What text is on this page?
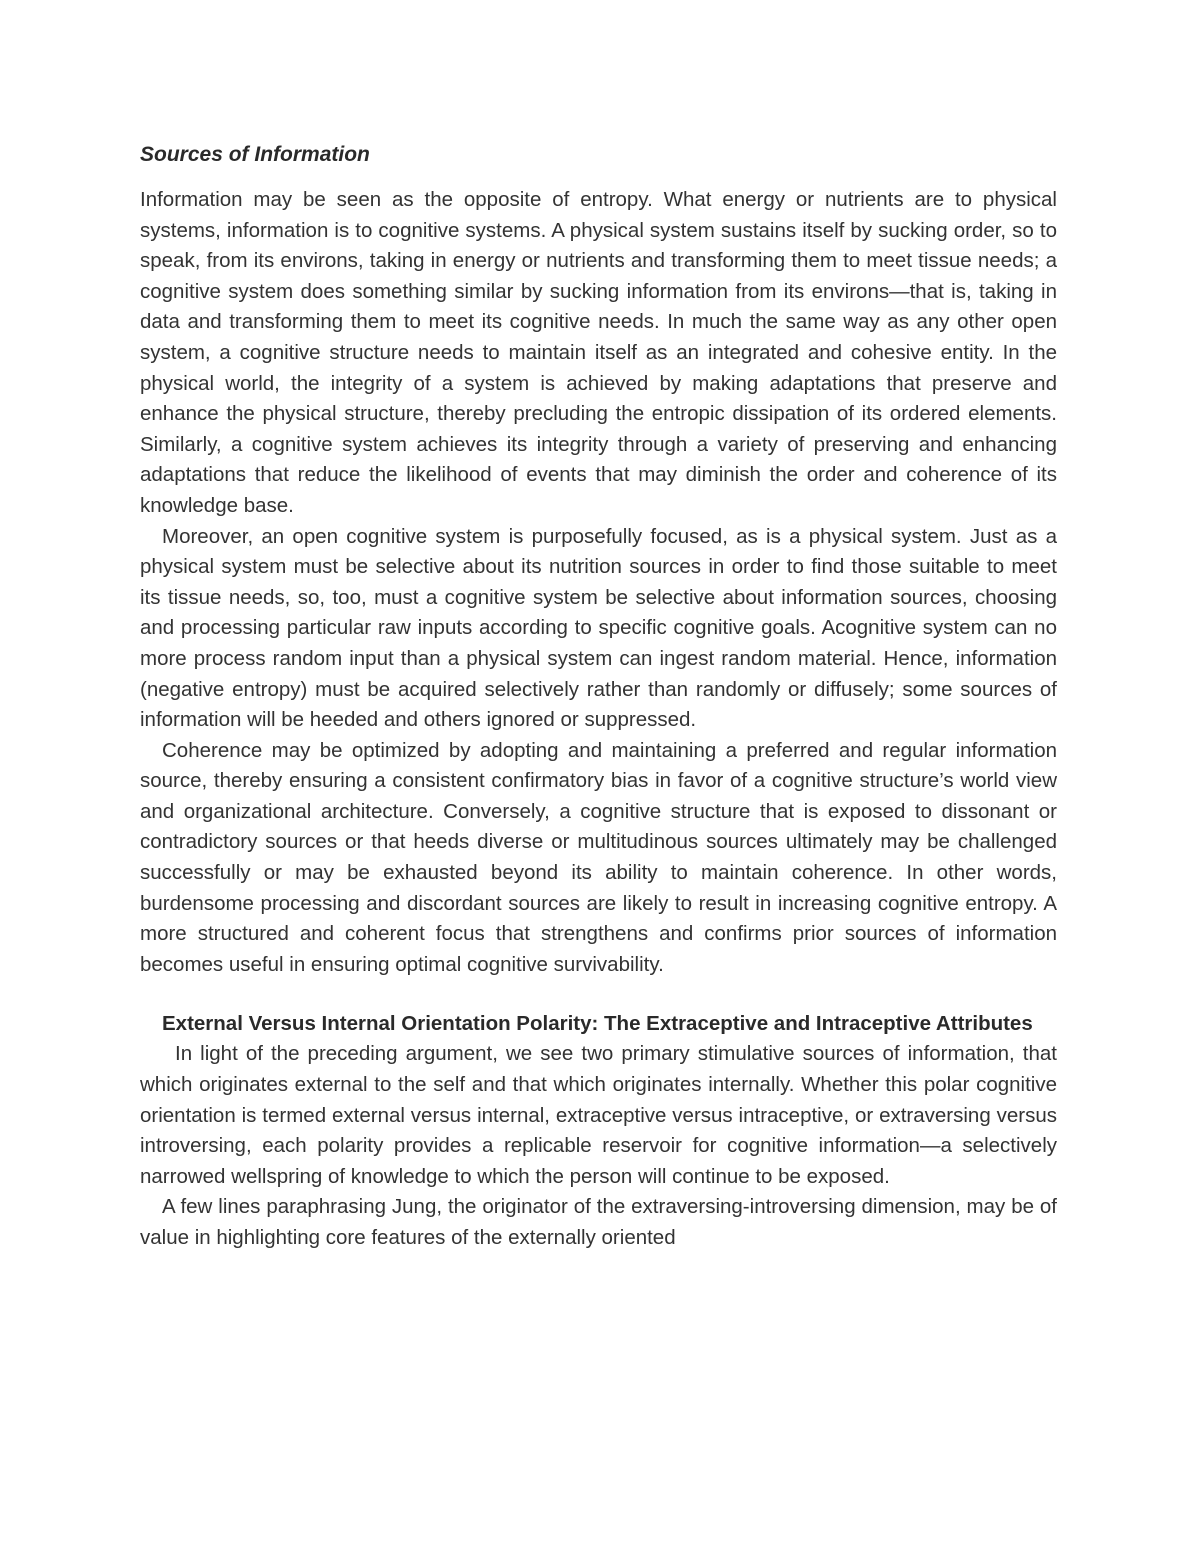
Sources of Information

Information may be seen as the opposite of entropy. What energy or nutrients are to physical systems, information is to cognitive systems. A physical system sustains itself by sucking order, so to speak, from its environs, taking in energy or nutrients and transforming them to meet tissue needs; a cognitive system does something similar by sucking information from its environs—that is, taking in data and transforming them to meet its cognitive needs. In much the same way as any other open system, a cognitive structure needs to maintain itself as an integrated and cohesive entity. In the physical world, the integrity of a system is achieved by making adaptations that preserve and enhance the physical structure, thereby precluding the entropic dissipation of its ordered elements. Similarly, a cognitive system achieves its integrity through a variety of preserving and enhancing adaptations that reduce the likelihood of events that may diminish the order and coherence of its knowledge base.

Moreover, an open cognitive system is purposefully focused, as is a physical system. Just as a physical system must be selective about its nutrition sources in order to find those suitable to meet its tissue needs, so, too, must a cognitive system be selective about information sources, choosing and processing particular raw inputs according to specific cognitive goals. Acognitive system can no more process random input than a physical system can ingest random material. Hence, information (negative entropy) must be acquired selectively rather than randomly or diffusely; some sources of information will be heeded and others ignored or suppressed.

Coherence may be optimized by adopting and maintaining a preferred and regular information source, thereby ensuring a consistent confirmatory bias in favor of a cognitive structure’s world view and organizational architecture. Conversely, a cognitive structure that is exposed to dissonant or contradictory sources or that heeds diverse or multitudinous sources ultimately may be challenged successfully or may be exhausted beyond its ability to maintain coherence. In other words, burdensome processing and discordant sources are likely to result in increasing cognitive entropy. A more structured and coherent focus that strengthens and confirms prior sources of information becomes useful in ensuring optimal cognitive survivability.

External Versus Internal Orientation Polarity: The Extraceptive and Intraceptive Attributes

In light of the preceding argument, we see two primary stimulative sources of information, that which originates external to the self and that which originates internally. Whether this polar cognitive orientation is termed external versus internal, extraceptive versus intraceptive, or extraversing versus introversing, each polarity provides a replicable reservoir for cognitive information—a selectively narrowed wellspring of knowledge to which the person will continue to be exposed.

A few lines paraphrasing Jung, the originator of the extraversing-introversing dimension, may be of value in highlighting core features of the externally oriented
